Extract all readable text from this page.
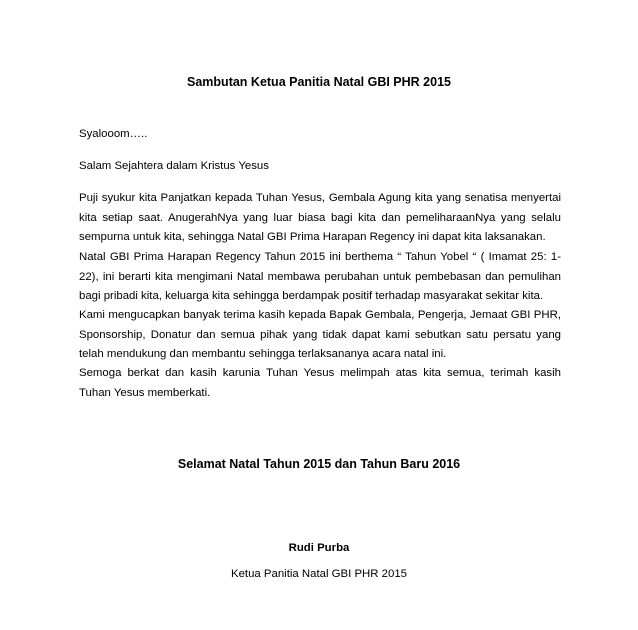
Sambutan Ketua Panitia Natal GBI PHR 2015

Syalooom…..

Salam Sejahtera dalam Kristus Yesus

Puji syukur kita Panjatkan kepada Tuhan Yesus, Gembala Agung kita yang senatisa menyertai kita setiap saat. AnugerahNya yang luar biasa bagi kita dan pemeliharaanNya yang selalu sempurna untuk kita, sehingga Natal GBI Prima Harapan Regency ini dapat kita laksanakan.

Natal GBI Prima Harapan Regency Tahun 2015 ini berthema “ Tahun Yobel “ ( Imamat 25: 1-22), ini berarti kita mengimani Natal membawa perubahan untuk pembebasan dan pemulihan bagi pribadi kita, keluarga kita sehingga berdampak positif terhadap masyarakat sekitar kita.

Kami mengucapkan banyak terima kasih kepada Bapak Gembala, Pengerja, Jemaat GBI PHR, Sponsorship, Donatur dan semua pihak yang tidak dapat kami sebutkan satu persatu yang telah mendukung dan membantu sehingga terlaksananya acara natal ini.

Semoga berkat dan kasih karunia Tuhan Yesus melimpah atas kita semua, terimah kasih Tuhan Yesus memberkati.

Selamat Natal Tahun 2015 dan Tahun Baru 2016
Rudi Purba
Ketua Panitia Natal GBI PHR 2015
